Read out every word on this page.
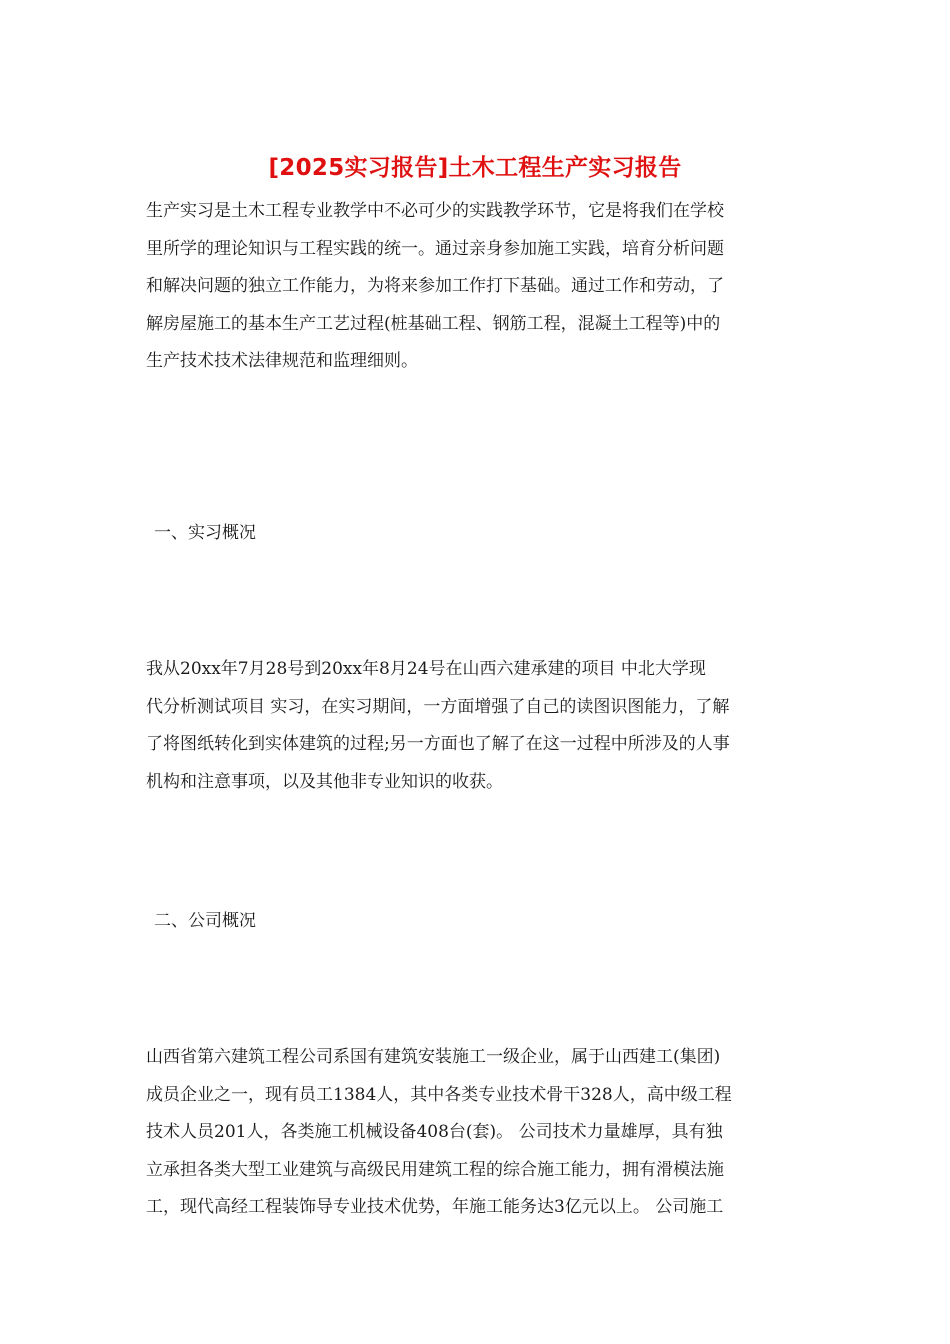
[2025实习报告]土木工程生产实习报告
生产实习是土木工程专业教学中不必可少的实践教学环节，它是将我们在学校
里所学的理论知识与工程实践的统一。通过亲身参加施工实践，培育分析问题
和解决问题的独立工作能力，为将来参加工作打下基础。通过工作和劳动，了
解房屋施工的基本生产工艺过程(桩基础工程、钢筋工程，混凝土工程等)中的
生产技术技术法律规范和监理细则。
一、实习概况
我从20xx年7月28号到20xx年8月24号在山西六建承建的项目 中北大学现
代分析测试项目 实习，在实习期间，一方面增强了自己的读图识图能力，了解
了将图纸转化到实体建筑的过程;另一方面也了解了在这一过程中所涉及的人事
机构和注意事项，以及其他非专业知识的收获。
二、公司概况
山西省第六建筑工程公司系国有建筑安装施工一级企业，属于山西建工(集团)
成员企业之一，现有员工1384人，其中各类专业技术骨干328人，高中级工程
技术人员201人，各类施工机械设备408台(套)。 公司技术力量雄厚，具有独
立承担各类大型工业建筑与高级民用建筑工程的综合施工能力，拥有滑模法施
工，现代高经工程装饰导专业技术优势，年施工能务达3亿元以上。 公司施工
